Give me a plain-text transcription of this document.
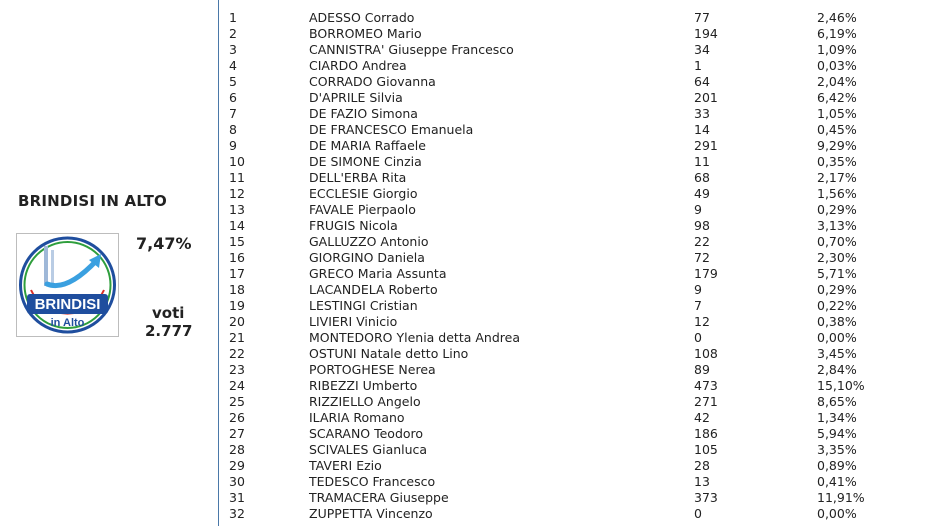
BRINDISI IN ALTO
BRINDISI
in Alto
7,47%
voti
2.777
1	ADESSO Corrado	77	2,46%
2	BORROMEO Mario	194	6,19%
3	CANNISTRA' Giuseppe Francesco	34	1,09%
4	CIARDO Andrea	1	0,03%
5	CORRADO Giovanna	64	2,04%
6	D'APRILE Silvia	201	6,42%
7	DE FAZIO Simona	33	1,05%
8	DE FRANCESCO Emanuela	14	0,45%
9	DE MARIA Raffaele	291	9,29%
10	DE SIMONE Cinzia	11	0,35%
11	DELL'ERBA Rita	68	2,17%
12	ECCLESIE Giorgio	49	1,56%
13	FAVALE Pierpaolo	9	0,29%
14	FRUGIS Nicola	98	3,13%
15	GALLUZZO Antonio	22	0,70%
16	GIORGINO Daniela	72	2,30%
17	GRECO Maria Assunta	179	5,71%
18	LACANDELA Roberto	9	0,29%
19	LESTINGI Cristian	7	0,22%
20	LIVIERI Vinicio	12	0,38%
21	MONTEDORO Ylenia detta Andrea	0	0,00%
22	OSTUNI Natale detto Lino	108	3,45%
23	PORTOGHESE Nerea	89	2,84%
24	RIBEZZI Umberto	473	15,10%
25	RIZZIELLO Angelo	271	8,65%
26	ILARIA Romano	42	1,34%
27	SCARANO Teodoro	186	5,94%
28	SCIVALES Gianluca	105	3,35%
29	TAVERI Ezio	28	0,89%
30	TEDESCO Francesco	13	0,41%
31	TRAMACERA Giuseppe	373	11,91%
32	ZUPPETTA Vincenzo	0	0,00%
